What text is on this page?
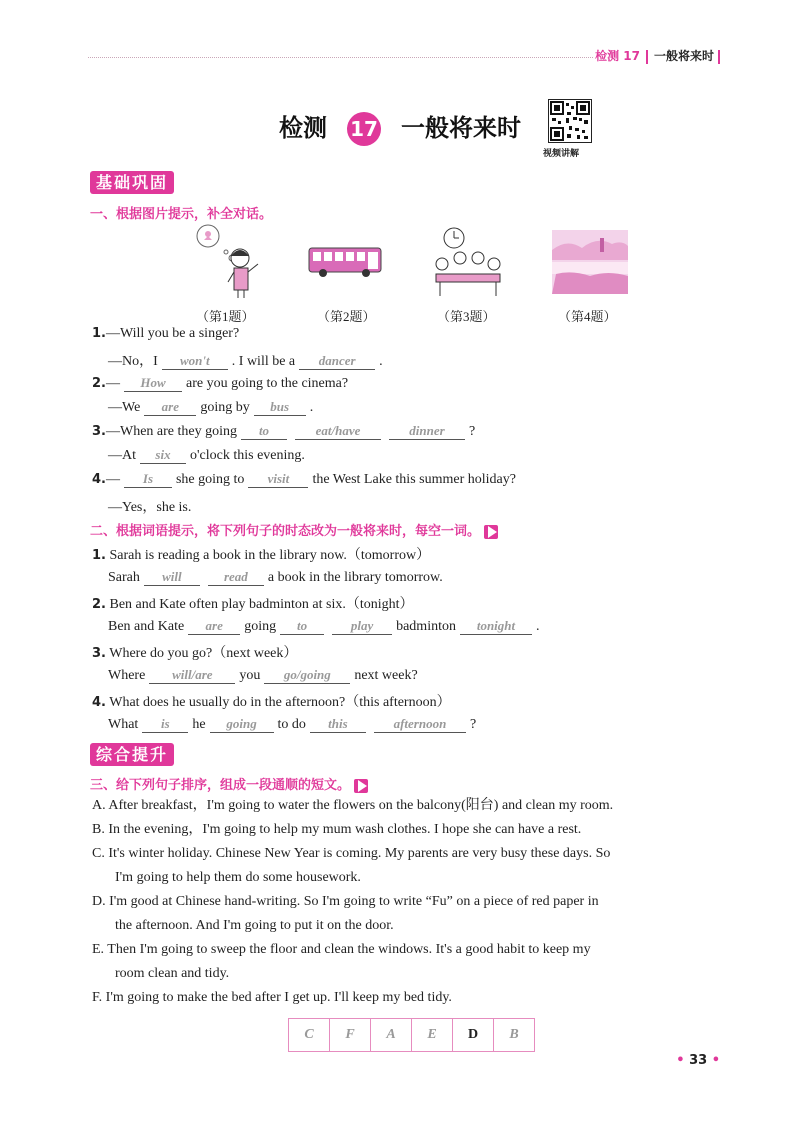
检测 17 一般将来时
检测 17 一般将来时
视频讲解
基础巩固
一、根据图片提示，补全对话。
（第1题）	（第2题）	（第3题）	（第4题）
1.—Will you be a singer?
—No，I won't . I will be a dancer .
2.— How are you going to the cinema?
—We are going by bus .
3.—When are they going to	eat/have	dinner ?
—At six o'clock this evening.
4.— Is she going to visit the West Lake this summer holiday?
—Yes，she is.
二、根据词语提示，将下列句子的时态改为一般将来时，每空一词。
1. Sarah is reading a book in the library now.（tomorrow）
Sarah will	read a book in the library tomorrow.
2. Ben and Kate often play badminton at six.（tonight）
Ben and Kate are going to	play badminton tonight .
3. Where do you go?（next week）
Where will/are you go/going next week?
4. What does he usually do in the afternoon?（this afternoon）
What is he going to do this	afternoon ?
综合提升
三、给下列句子排序，组成一段通顺的短文。
A. After breakfast，I'm going to water the flowers on the balcony(阳台) and clean my room.
B. In the evening，I'm going to help my mum wash clothes. I hope she can have a rest.
C. It's winter holiday. Chinese New Year is coming. My parents are very busy these days. So
I'm going to help them do some housework.
D. I'm good at Chinese hand-writing. So I'm going to write “Fu” on a piece of red paper in
the afternoon. And I'm going to put it on the door.
E. Then I'm going to sweep the floor and clean the windows. It's a good habit to keep my
room clean and tidy.
F. I'm going to make the bed after I get up. I'll keep my bed tidy.
C	F	A	E	D	B
• 33 •
